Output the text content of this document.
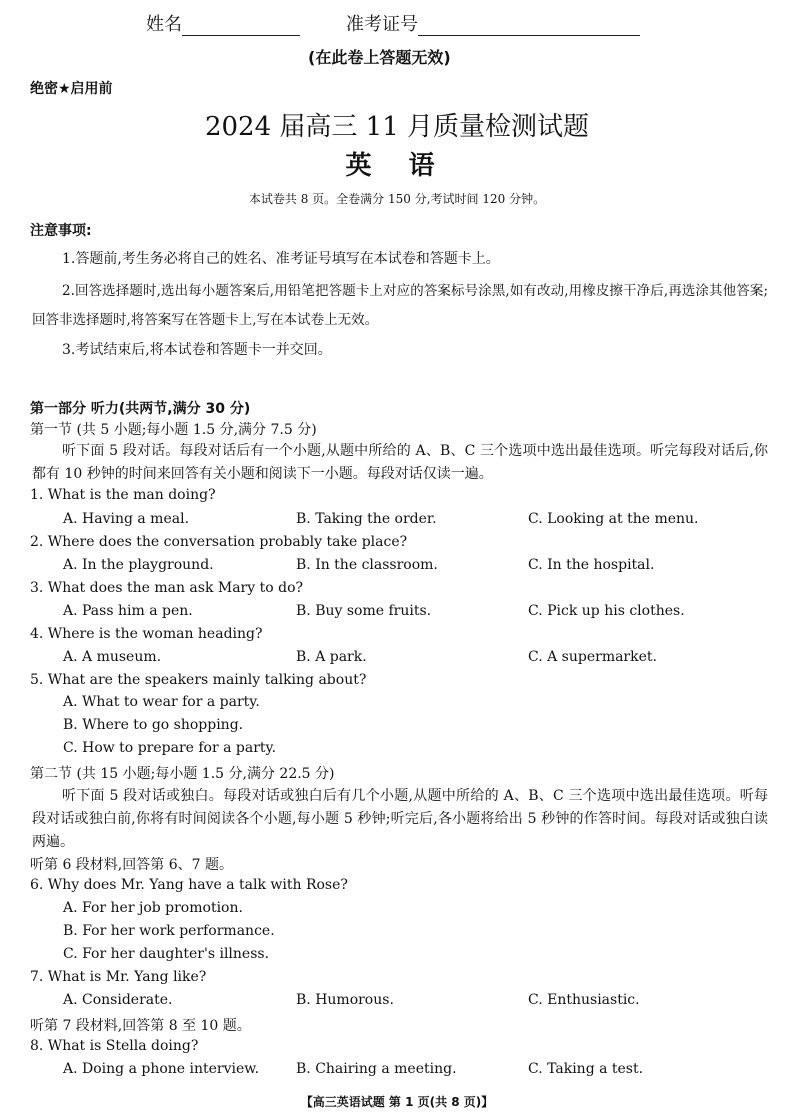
姓名	准考证号
(在此卷上答题无效)
绝密★启用前
2024 届高三 11 月质量检测试题
英 语
本试卷共 8 页。全卷满分 150 分,考试时间 120 分钟。
注意事项:
1.答题前,考生务必将自己的姓名、准考证号填写在本试卷和答题卡上。
2.回答选择题时,选出每小题答案后,用铅笔把答题卡上对应的答案标号涂黑,如有改动,用橡皮擦干净后,再选涂其他答案;回答非选择题时,将答案写在答题卡上,写在本试卷上无效。
3.考试结束后,将本试卷和答题卡一并交回。
第一部分 听力(共两节,满分 30 分)
第一节 (共 5 小题;每小题 1.5 分,满分 7.5 分)
听下面 5 段对话。每段对话后有一个小题,从题中所给的 A、B、C 三个选项中选出最佳选项。听完每段对话后,你都有 10 秒钟的时间来回答有关小题和阅读下一小题。每段对话仅读一遍。
1. What is the man doing?
A. Having a meal.	B. Taking the order.	C. Looking at the menu.
2. Where does the conversation probably take place?
A. In the playground.	B. In the classroom.	C. In the hospital.
3. What does the man ask Mary to do?
A. Pass him a pen.	B. Buy some fruits.	C. Pick up his clothes.
4. Where is the woman heading?
A. A museum.	B. A park.	C. A supermarket.
5. What are the speakers mainly talking about?
A. What to wear for a party.
B. Where to go shopping.
C. How to prepare for a party.
第二节 (共 15 小题;每小题 1.5 分,满分 22.5 分)
听下面 5 段对话或独白。每段对话或独白后有几个小题,从题中所给的 A、B、C 三个选项中选出最佳选项。听每段对话或独白前,你将有时间阅读各个小题,每小题 5 秒钟;听完后,各小题将给出 5 秒钟的作答时间。每段对话或独白读两遍。
听第 6 段材料,回答第 6、7 题。
6. Why does Mr. Yang have a talk with Rose?
A. For her job promotion.
B. For her work performance.
C. For her daughter's illness.
7. What is Mr. Yang like?
A. Considerate.	B. Humorous.	C. Enthusiastic.
听第 7 段材料,回答第 8 至 10 题。
8. What is Stella doing?
A. Doing a phone interview.	B. Chairing a meeting.	C. Taking a test.
【高三英语试题 第 1 页(共 8 页)】
